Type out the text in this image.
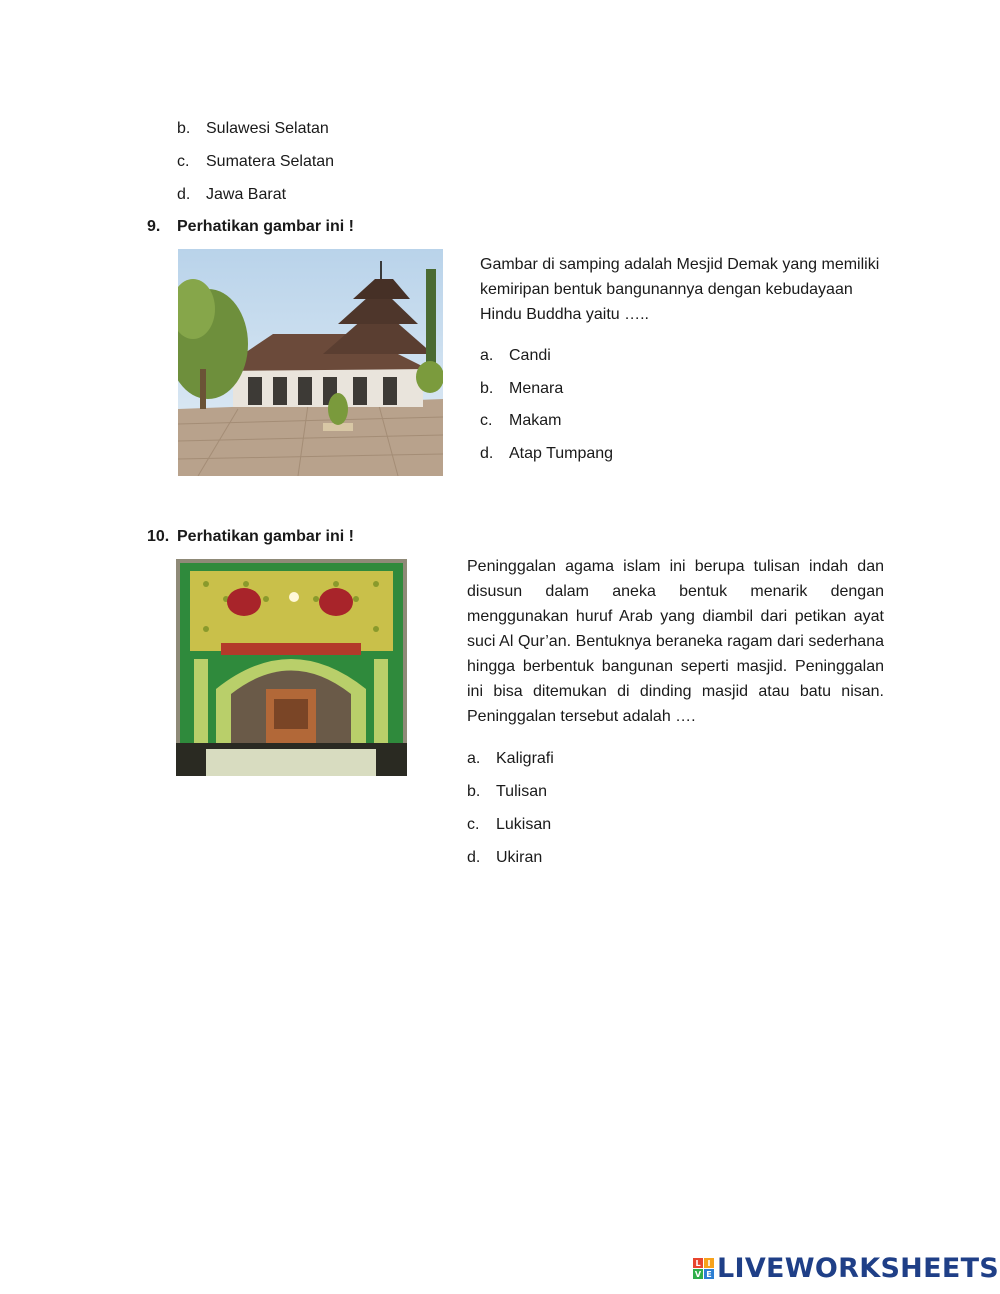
b. Sulawesi Selatan
c. Sumatera Selatan
d. Jawa Barat
9. Perhatikan gambar ini !
Gambar di samping adalah Mesjid Demak yang memiliki kemiripan bentuk bangunannya dengan kebudayaan Hindu Buddha yaitu …..
a. Candi
b. Menara
c. Makam
d. Atap Tumpang
10. Perhatikan gambar ini !
Peninggalan agama islam ini berupa tulisan indah dan disusun dalam aneka bentuk menarik dengan menggunakan huruf Arab yang diambil dari petikan ayat suci Al Qur’an. Bentuknya beraneka ragam dari sederhana hingga berbentuk bangunan seperti masjid. Peninggalan ini bisa ditemukan di dinding masjid atau batu nisan. Peninggalan tersebut adalah ….
a. Kaligrafi
b. Tulisan
c. Lukisan
d. Ukiran
L I
V E LIVEWORKSHEETS
